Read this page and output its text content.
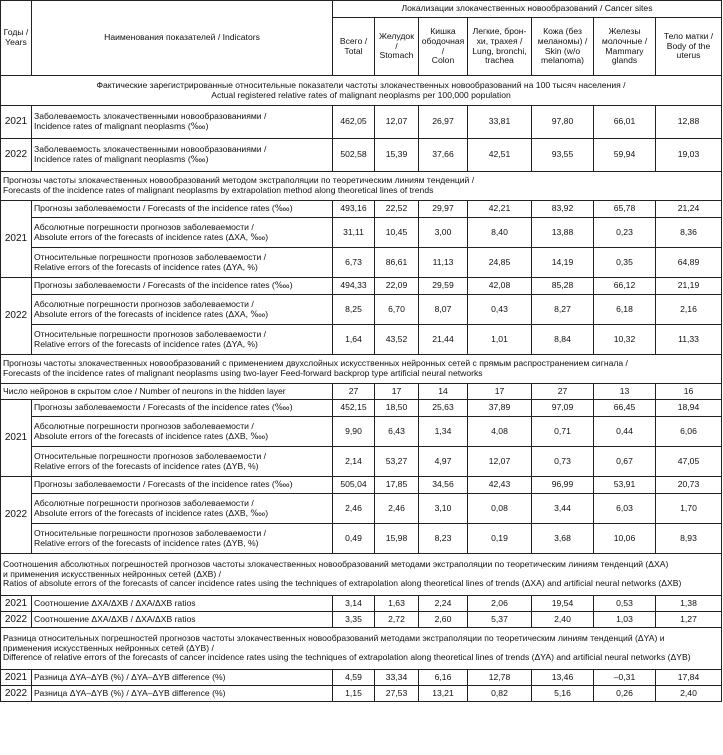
Годы /
Years	Наименования показателей / Indicators	Локализации злокачественных новообразований / Cancer sites						

		Всего /
Total	Желудок /
Stomach	Кишка
ободочная /
Colon	Легкие, брон-
хи, трахея /
Lung, bronchi,
trachea	Кожа (без
меланомы) /
Skin (w/o
melanoma)	Железы
молочные /
Mammary
glands	Тело матки /
Body of the
uterus

Фактические зарегистрированные относительные показатели частоты злокачественных новообразований на 100 тысяч населения /
Actual registered relative rates of malignant neoplasms per 100,000 population								

2021	Заболеваемость злокачественными новообразованиями /
Incidence rates of malignant neoplasms (‱)	462,05	12,07	26,97	33,81	97,80	66,01	12,88

2022	Заболеваемость злокачественными новообразованиями /
Incidence rates of malignant neoplasms (‱)	502,58	15,39	37,66	42,51	93,55	59,94	19,03

Прогнозы частоты злокачественных новообразований методом экстраполяции по теоретическим линиям тенденций /
Forecasts of the incidence rates of malignant neoplasms by extrapolation method along theoretical lines of trends								

2021	Прогнозы заболеваемости / Forecasts of the incidence rates (‱)	493,16	22,52	29,97	42,21	83,92	65,78	21,24

	Абсолютные погрешности прогнозов заболеваемости /
Absolute errors of the forecasts of incidence rates (ΔXA, ‱)	31,11	10,45	3,00	8,40	13,88	0,23	8,36

	Относительные погрешности прогнозов заболеваемости /
Relative errors of the forecasts of incidence rates (ΔYA, %)	6,73	86,61	11,13	24,85	14,19	0,35	64,89

2022	Прогнозы заболеваемости / Forecasts of the incidence rates (‱)	494,33	22,09	29,59	42,08	85,28	66,12	21,19

	Абсолютные погрешности прогнозов заболеваемости /
Absolute errors of the forecasts of incidence rates (ΔXA, ‱)	8,25	6,70	8,07	0,43	8,27	6,18	2,16

	Относительные погрешности прогнозов заболеваемости /
Relative errors of the forecasts of incidence rates (ΔYA, %)	1,64	43,52	21,44	1,01	8,84	10,32	11,33

Прогнозы частоты злокачественных новообразований с применением двухслойных искусственных нейронных сетей с прямым распространением сигнала /
Forecasts of the incidence rates of malignant neoplasms using two-layer Feed-forward backprop type artificial neural networks								

Число нейронов в скрытом слое / Number of neurons in the hidden layer		27	17	14	17	27	13	16

2021	Прогнозы заболеваемости / Forecasts of the incidence rates (‱)	452,15	18,50	25,63	37,89	97,09	66,45	18,94

	Абсолютные погрешности прогнозов заболеваемости /
Absolute errors of the forecasts of incidence rates (ΔXB, ‱)	9,90	6,43	1,34	4,08	0,71	0,44	6,06

	Относительные погрешности прогнозов заболеваемости /
Relative errors of the forecasts of incidence rates (ΔYB, %)	2,14	53,27	4,97	12,07	0,73	0,67	47,05

2022	Прогнозы заболеваемости / Forecasts of the incidence rates (‱)	505,04	17,85	34,56	42,43	96,99	53,91	20,73

	Абсолютные погрешности прогнозов заболеваемости /
Absolute errors of the forecasts of incidence rates (ΔXB, ‱)	2,46	2,46	3,10	0,08	3,44	6,03	1,70

	Относительные погрешности прогнозов заболеваемости /
Relative errors of the forecasts of incidence rates (ΔYB, %)	0,49	15,98	8,23	0,19	3,68	10,06	8,93

Соотношения абсолютных погрешностей прогнозов частоты злокачественных новообразований методами экстраполяции по теоретическим линиям тенденций (ΔXA)
и применения искусственных нейронных сетей (ΔXB) /
Ratios of absolute errors of the forecasts of cancer incidence rates using the techniques of extrapolation along theoretical lines of trends (ΔXA) and artificial neural networks (ΔXB)								

2021	Соотношение ΔXA/ΔXB / ΔXA/ΔXB ratios	3,14	1,63	2,24	2,06	19,54	0,53	1,38

2022	Соотношение ΔXA/ΔXB / ΔXA/ΔXB ratios	3,35	2,72	2,60	5,37	2,40	1,03	1,27

Разница относительных погрешностей прогнозов частоты злокачественных новообразований методами экстраполяции по теоретическим линиям тенденций (ΔYA) и
применения искусственных нейронных сетей (ΔYB) /
Difference of relative errors of the forecasts of cancer incidence rates using the techniques of extrapolation along theoretical lines of trends (ΔYA) and artificial neural networks (ΔYB)								

2021	Разница ΔYA–ΔYB (%) / ΔYA–ΔYB difference (%)	4,59	33,34	6,16	12,78	13,46	–0,31	17,84

2022	Разница ΔYA–ΔYB (%) / ΔYA–ΔYB difference (%)	1,15	27,53	13,21	0,82	5,16	0,26	2,40
